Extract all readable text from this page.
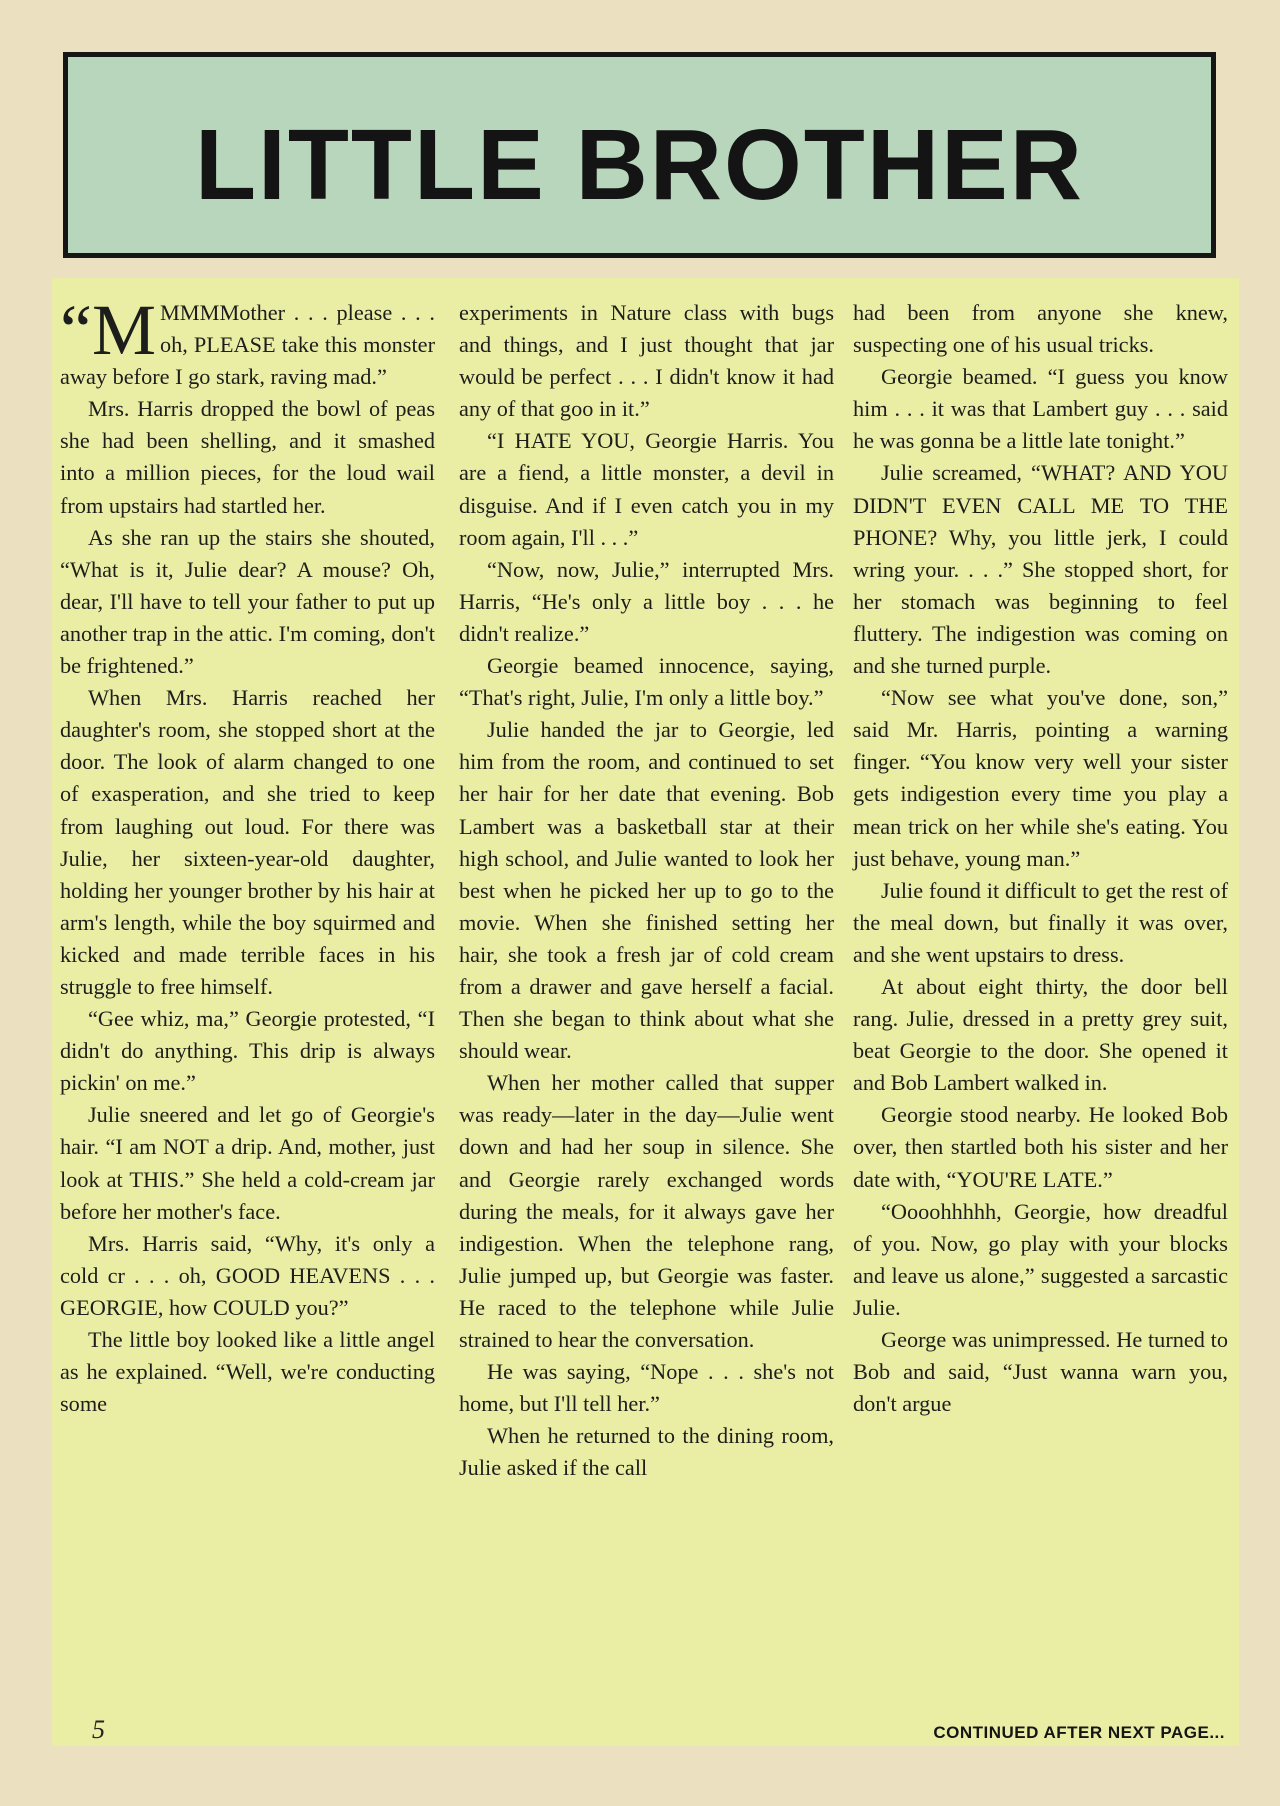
LITTLE BROTHER

“M MMMMother . . . please . . . oh, PLEASE take this monster away before I go stark, raving mad.”

Mrs. Harris dropped the bowl of peas she had been shelling, and it smashed into a million pieces, for the loud wail from upstairs had startled her.

As she ran up the stairs she shouted, “What is it, Julie dear? A mouse? Oh, dear, I'll have to tell your father to put up another trap in the attic. I'm coming, don't be frightened.”

When Mrs. Harris reached her daughter's room, she stopped short at the door. The look of alarm changed to one of exasperation, and she tried to keep from laughing out loud. For there was Julie, her sixteen-year-old daughter, holding her younger brother by his hair at arm's length, while the boy squirmed and kicked and made terrible faces in his struggle to free himself.

“Gee whiz, ma,” Georgie protested, “I didn't do anything. This drip is always pickin' on me.”

Julie sneered and let go of Georgie's hair. “I am NOT a drip. And, mother, just look at THIS.” She held a cold-cream jar before her mother's face.

Mrs. Harris said, “Why, it's only a cold cr . . . oh, GOOD HEAVENS . . . GEORGIE, how COULD you?”

The little boy looked like a little angel as he explained. “Well, we're conducting some

experiments in Nature class with bugs and things, and I just thought that jar would be perfect . . . I didn't know it had any of that goo in it.”

“I HATE YOU, Georgie Harris. You are a fiend, a little monster, a devil in disguise. And if I even catch you in my room again, I'll . . .”

“Now, now, Julie,” interrupted Mrs. Harris, “He's only a little boy . . . he didn't realize.”

Georgie beamed innocence, saying, “That's right, Julie, I'm only a little boy.”

Julie handed the jar to Georgie, led him from the room, and continued to set her hair for her date that evening. Bob Lambert was a basketball star at their high school, and Julie wanted to look her best when he picked her up to go to the movie. When she finished setting her hair, she took a fresh jar of cold cream from a drawer and gave herself a facial. Then she began to think about what she should wear.

When her mother called that supper was ready—later in the day—Julie went down and had her soup in silence. She and Georgie rarely exchanged words during the meals, for it always gave her indigestion. When the telephone rang, Julie jumped up, but Georgie was faster. He raced to the telephone while Julie strained to hear the conversation.

He was saying, “Nope . . . she's not home, but I'll tell her.”

When he returned to the dining room, Julie asked if the call

had been from anyone she knew, suspecting one of his usual tricks.

Georgie beamed. “I guess you know him . . . it was that Lambert guy . . . said he was gonna be a little late tonight.”

Julie screamed, “WHAT? AND YOU DIDN'T EVEN CALL ME TO THE PHONE? Why, you little jerk, I could wring your. . . .” She stopped short, for her stomach was beginning to feel fluttery. The indigestion was coming on and she turned purple.

“Now see what you've done, son,” said Mr. Harris, pointing a warning finger. “You know very well your sister gets indigestion every time you play a mean trick on her while she's eating. You just behave, young man.”

Julie found it difficult to get the rest of the meal down, but finally it was over, and she went upstairs to dress.

At about eight thirty, the door bell rang. Julie, dressed in a pretty grey suit, beat Georgie to the door. She opened it and Bob Lambert walked in.

Georgie stood nearby. He looked Bob over, then startled both his sister and her date with, “YOU'RE LATE.”

“Oooohhhhh, Georgie, how dreadful of you. Now, go play with your blocks and leave us alone,” suggested a sarcastic Julie.

George was unimpressed. He turned to Bob and said, “Just wanna warn you, don't argue

5	CONTINUED AFTER NEXT PAGE...
